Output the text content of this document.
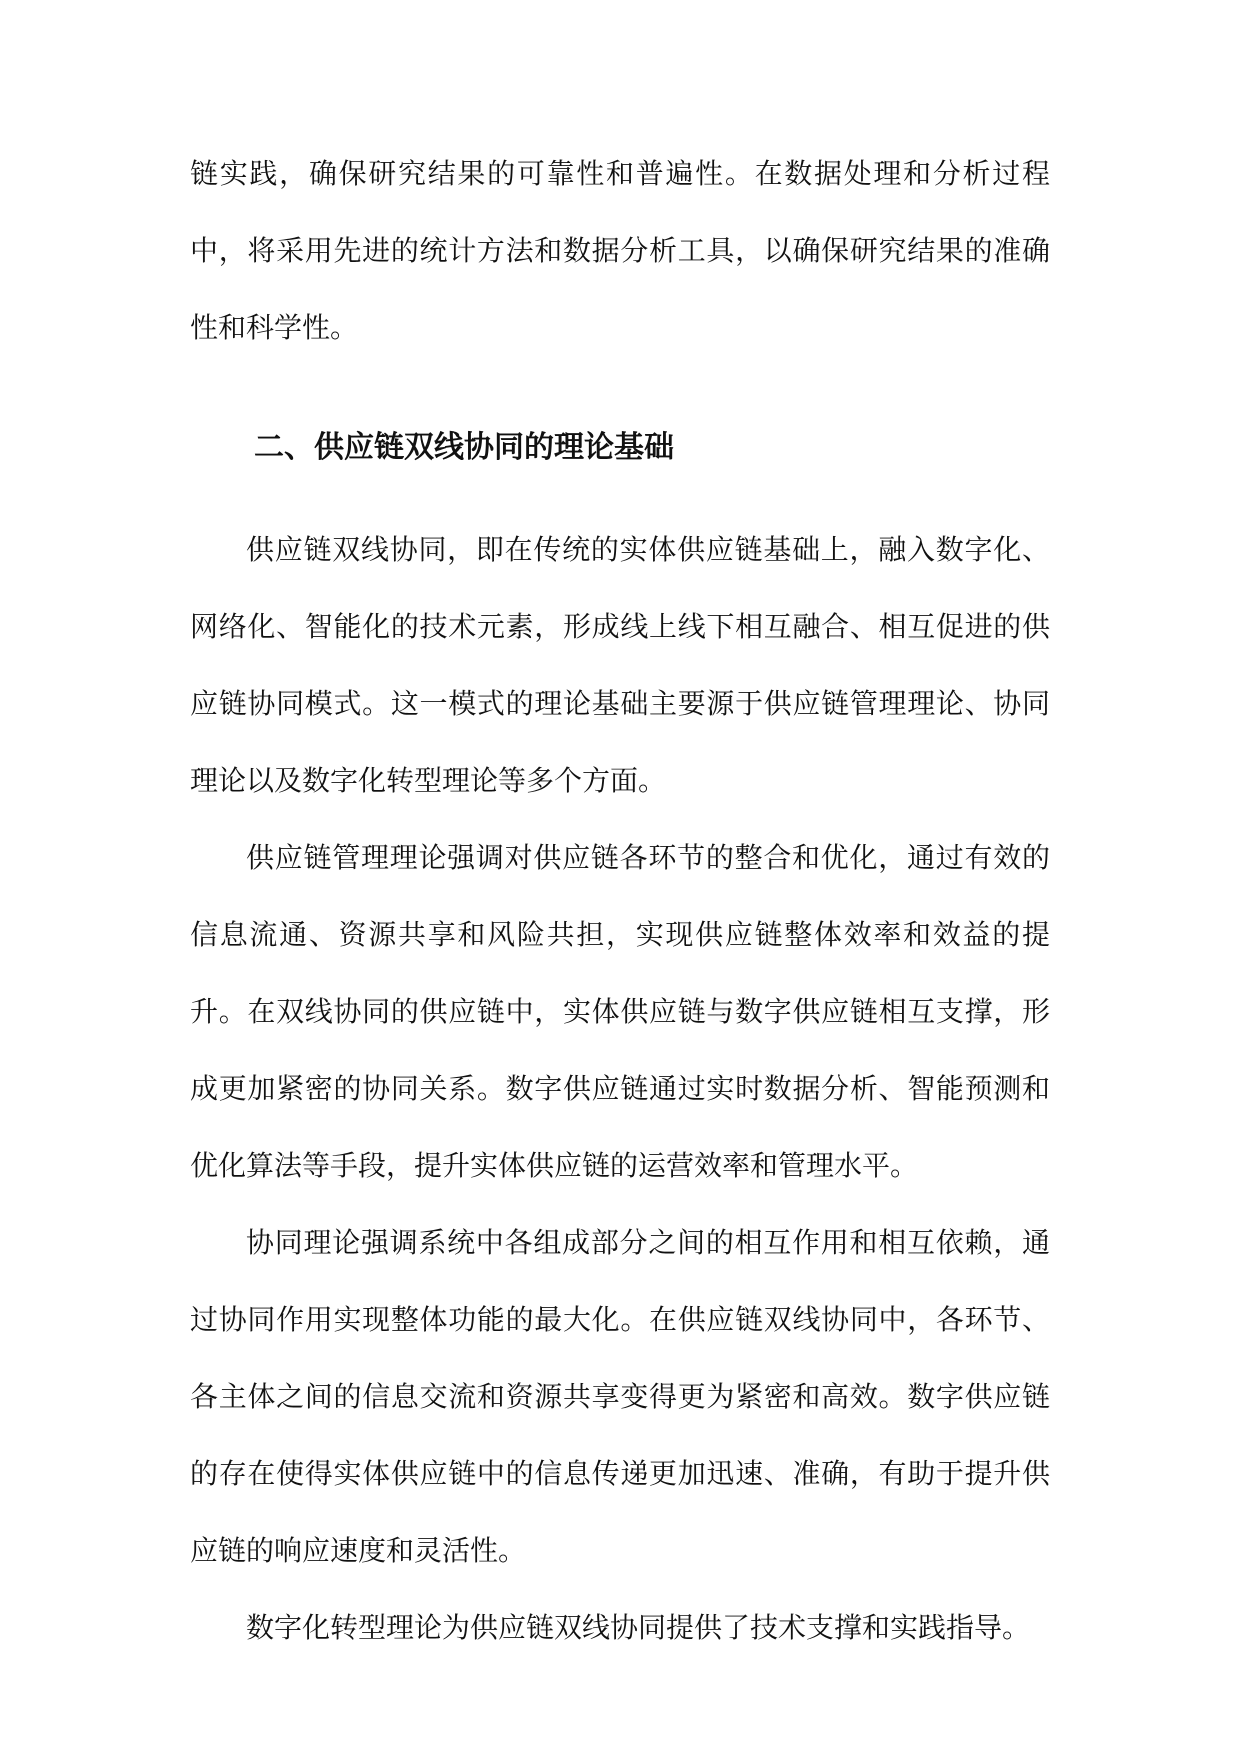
链实践，确保研究结果的可靠性和普遍性。在数据处理和分析过程中，将采用先进的统计方法和数据分析工具，以确保研究结果的准确性和科学性。

二、供应链双线协同的理论基础

供应链双线协同，即在传统的实体供应链基础上，融入数字化、网络化、智能化的技术元素，形成线上线下相互融合、相互促进的供应链协同模式。这一模式的理论基础主要源于供应链管理理论、协同理论以及数字化转型理论等多个方面。

供应链管理理论强调对供应链各环节的整合和优化，通过有效的信息流通、资源共享和风险共担，实现供应链整体效率和效益的提升。在双线协同的供应链中，实体供应链与数字供应链相互支撑，形成更加紧密的协同关系。数字供应链通过实时数据分析、智能预测和优化算法等手段，提升实体供应链的运营效率和管理水平。

协同理论强调系统中各组成部分之间的相互作用和相互依赖，通过协同作用实现整体功能的最大化。在供应链双线协同中，各环节、各主体之间的信息交流和资源共享变得更为紧密和高效。数字供应链的存在使得实体供应链中的信息传递更加迅速、准确，有助于提升供应链的响应速度和灵活性。

数字化转型理论为供应链双线协同提供了技术支撑和实践指导。
